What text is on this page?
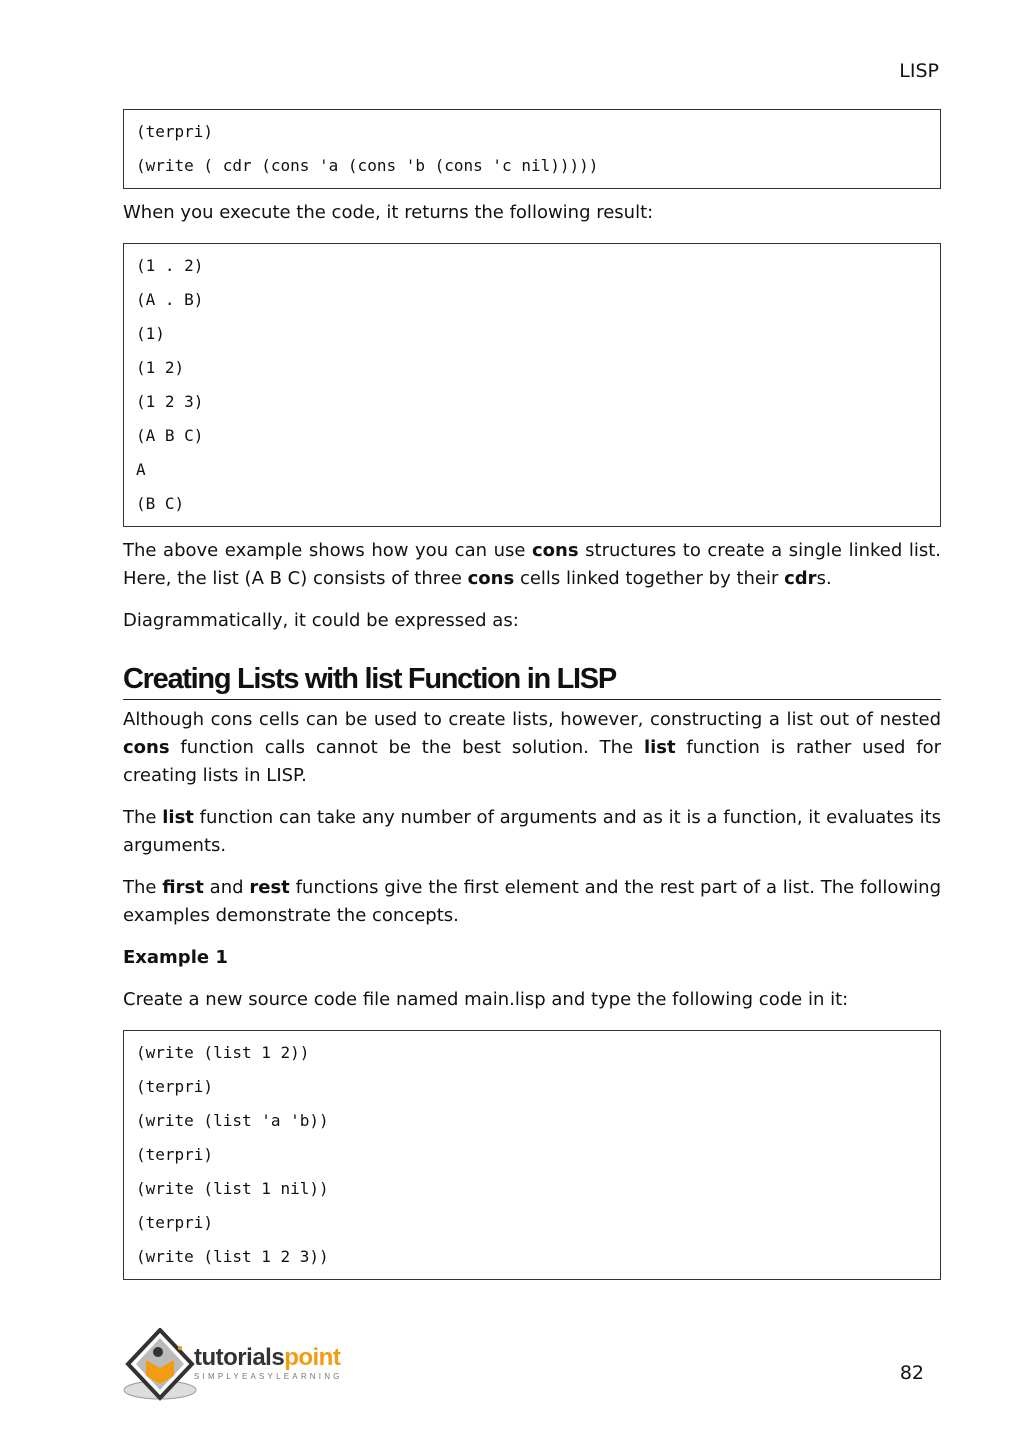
LISP
(terpri)
(write ( cdr (cons 'a (cons 'b (cons 'c nil)))))

When you execute the code, it returns the following result:

(1 . 2)
(A . B)
(1)
(1 2)
(1 2 3)
(A B C)
A
(B C)

The above example shows how you can use cons structures to create a single linked list. Here, the list (A B C) consists of three cons cells linked together by their cdrs.

Diagrammatically, it could be expressed as:

Creating Lists with list Function in LISP

Although cons cells can be used to create lists, however, constructing a list out of nested cons function calls cannot be the best solution. The list function is rather used for creating lists in LISP.

The list function can take any number of arguments and as it is a function, it evaluates its arguments.

The first and rest functions give the first element and the rest part of a list. The following examples demonstrate the concepts.

Example 1

Create a new source code file named main.lisp and type the following code in it:

(write (list 1 2))
(terpri)
(write (list 'a 'b))
(terpri)
(write (list 1 nil))
(terpri)
(write (list 1 2 3))
tutorialspoint
SIMPLYEASYLEARNING	82
